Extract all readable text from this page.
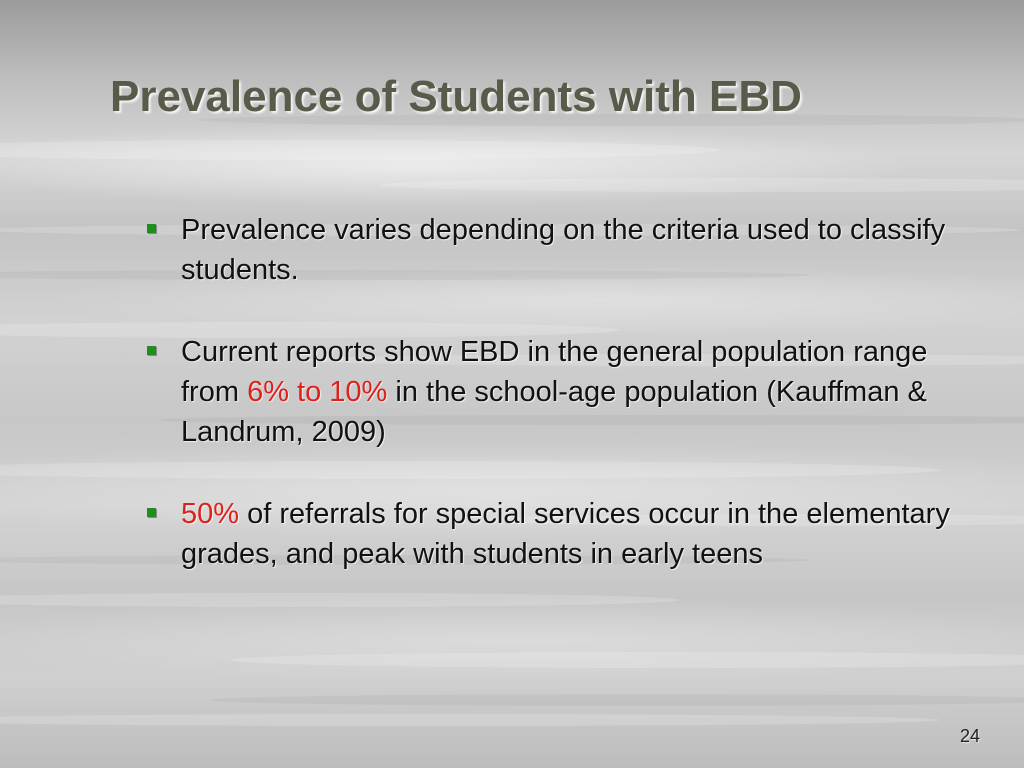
Prevalence of Students with EBD
Prevalence varies depending on the criteria used to classify students.
Current reports show EBD in the general population range from 6% to 10% in the school-age population (Kauffman & Landrum, 2009)
50% of referrals for special services occur in the elementary grades, and peak with students in early teens
24
